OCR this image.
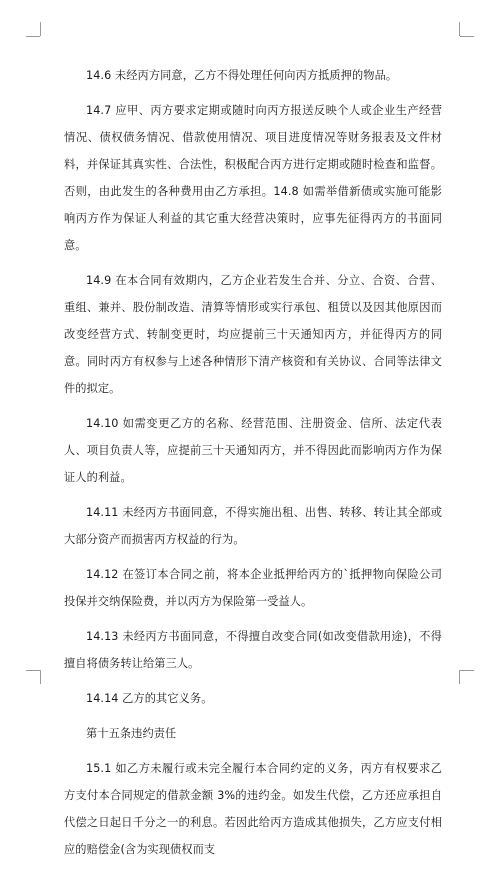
14.6 未经丙方同意，乙方不得处理任何向丙方抵质押的物品。

14.7 应甲、丙方要求定期或随时向丙方报送反映个人或企业生产经营情况、债权债务情况、借款使用情况、项目进度情况等财务报表及文件材料，并保证其真实性、合法性，积极配合丙方进行定期或随时检查和监督。否则，由此发生的各种费用由乙方承担。14.8 如需举借新债或实施可能影响丙方作为保证人利益的其它重大经营决策时，应事先征得丙方的书面同意。

14.9 在本合同有效期内，乙方企业若发生合并、分立、合资、合营、重组、兼并、股份制改造、清算等情形或实行承包、租赁以及因其他原因而改变经营方式、转制变更时，均应提前三十天通知丙方，并征得丙方的同意。同时丙方有权参与上述各种情形下清产核资和有关协议、合同等法律文件的拟定。

14.10 如需变更乙方的名称、经营范围、注册资金、信所、法定代表人、项目负责人等，应提前三十天通知丙方，并不得因此而影响丙方作为保证人的利益。

14.11 未经丙方书面同意，不得实施出租、出售、转移、转让其全部或大部分资产而损害丙方权益的行为。

14.12 在签订本合同之前，将本企业抵押给丙方的`抵押物向保险公司投保并交纳保险费，并以丙方为保险第一受益人。

14.13 未经丙方书面同意，不得擅自改变合同(如改变借款用途)，不得擅自将债务转让给第三人。

14.14 乙方的其它义务。

第十五条违约责任

15.1 如乙方未履行或未完全履行本合同约定的义务，丙方有权要求乙方支付本合同规定的借款金额 3%的违约金。如发生代偿，乙方还应承担自代偿之日起日千分之一的利息。若因此给丙方造成其他损失，乙方应支付相应的赔偿金(含为实现债权而支
